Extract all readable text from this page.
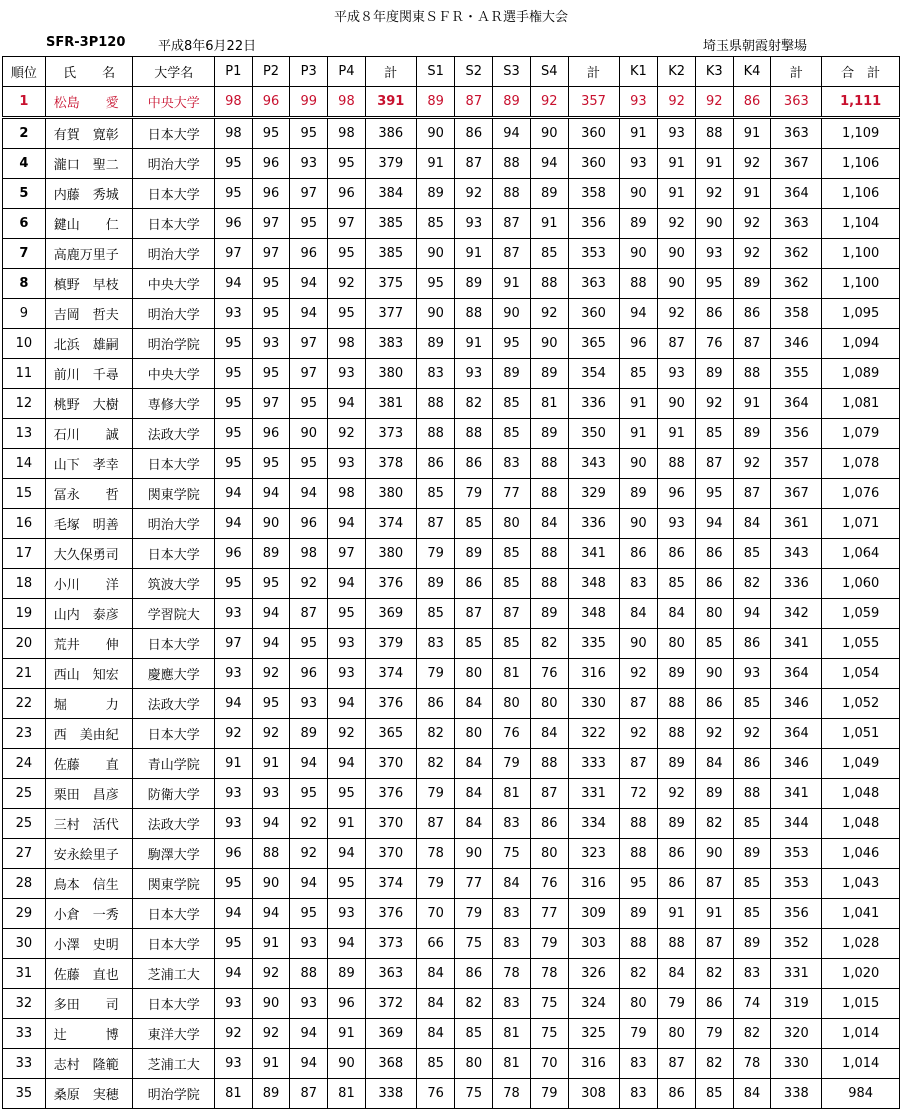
平成８年度関東ＳＦＲ・ＡＲ選手権大会
SFR-3P120	平成8年6月22日	埼玉県朝霞射撃場
順位	氏　　名	大学名	P1	P2	P3	P4	計	S1	S2	S3	S4	計	K1	K2	K3	K4	計	合　計
1	松島　　愛	中央大学	98	96	99	98	391	89	87	89	92	357	93	92	92	86	363	1,111
2	有賀　寛彰	日本大学	98	95	95	98	386	90	86	94	90	360	91	93	88	91	363	1,109
4	瀧口　聖二	明治大学	95	96	93	95	379	91	87	88	94	360	93	91	91	92	367	1,106
5	内藤　秀城	日本大学	95	96	97	96	384	89	92	88	89	358	90	91	92	91	364	1,106
6	鍵山　　仁	日本大学	96	97	95	97	385	85	93	87	91	356	89	92	90	92	363	1,104
7	高鹿万里子	明治大学	97	97	96	95	385	90	91	87	85	353	90	90	93	92	362	1,100
8	槙野　早枝	中央大学	94	95	94	92	375	95	89	91	88	363	88	90	95	89	362	1,100
9	吉岡　哲夫	明治大学	93	95	94	95	377	90	88	90	92	360	94	92	86	86	358	1,095
10	北浜　雄嗣	明治学院	95	93	97	98	383	89	91	95	90	365	96	87	76	87	346	1,094
11	前川　千尋	中央大学	95	95	97	93	380	83	93	89	89	354	85	93	89	88	355	1,089
12	桃野　大樹	専修大学	95	97	95	94	381	88	82	85	81	336	91	90	92	91	364	1,081
13	石川　　誠	法政大学	95	96	90	92	373	88	88	85	89	350	91	91	85	89	356	1,079
14	山下　孝幸	日本大学	95	95	95	93	378	86	86	83	88	343	90	88	87	92	357	1,078
15	冨永　　哲	関東学院	94	94	94	98	380	85	79	77	88	329	89	96	95	87	367	1,076
16	毛塚　明善	明治大学	94	90	96	94	374	87	85	80	84	336	90	93	94	84	361	1,071
17	大久保勇司	日本大学	96	89	98	97	380	79	89	85	88	341	86	86	86	85	343	1,064
18	小川　　洋	筑波大学	95	95	92	94	376	89	86	85	88	348	83	85	86	82	336	1,060
19	山内　泰彦	学習院大	93	94	87	95	369	85	87	87	89	348	84	84	80	94	342	1,059
20	荒井　　伸	日本大学	97	94	95	93	379	83	85	85	82	335	90	80	85	86	341	1,055
21	西山　知宏	慶應大学	93	92	96	93	374	79	80	81	76	316	92	89	90	93	364	1,054
22	堀　　　力	法政大学	94	95	93	94	376	86	84	80	80	330	87	88	86	85	346	1,052
23	西　美由紀	日本大学	92	92	89	92	365	82	80	76	84	322	92	88	92	92	364	1,051
24	佐藤　　直	青山学院	91	91	94	94	370	82	84	79	88	333	87	89	84	86	346	1,049
25	栗田　昌彦	防衛大学	93	93	95	95	376	79	84	81	87	331	72	92	89	88	341	1,048
25	三村　活代	法政大学	93	94	92	91	370	87	84	83	86	334	88	89	82	85	344	1,048
27	安永絵里子	駒澤大学	96	88	92	94	370	78	90	75	80	323	88	86	90	89	353	1,046
28	鳥本　信生	関東学院	95	90	94	95	374	79	77	84	76	316	95	86	87	85	353	1,043
29	小倉　一秀	日本大学	94	94	95	93	376	70	79	83	77	309	89	91	91	85	356	1,041
30	小澤　史明	日本大学	95	91	93	94	373	66	75	83	79	303	88	88	87	89	352	1,028
31	佐藤　直也	芝浦工大	94	92	88	89	363	84	86	78	78	326	82	84	82	83	331	1,020
32	多田　　司	日本大学	93	90	93	96	372	84	82	83	75	324	80	79	86	74	319	1,015
33	辻　　　博	東洋大学	92	92	94	91	369	84	85	81	75	325	79	80	79	82	320	1,014
33	志村　隆範	芝浦工大	93	91	94	90	368	85	80	81	70	316	83	87	82	78	330	1,014
35	桑原　実穂	明治学院	81	89	87	81	338	76	75	78	79	308	83	86	85	84	338	984
